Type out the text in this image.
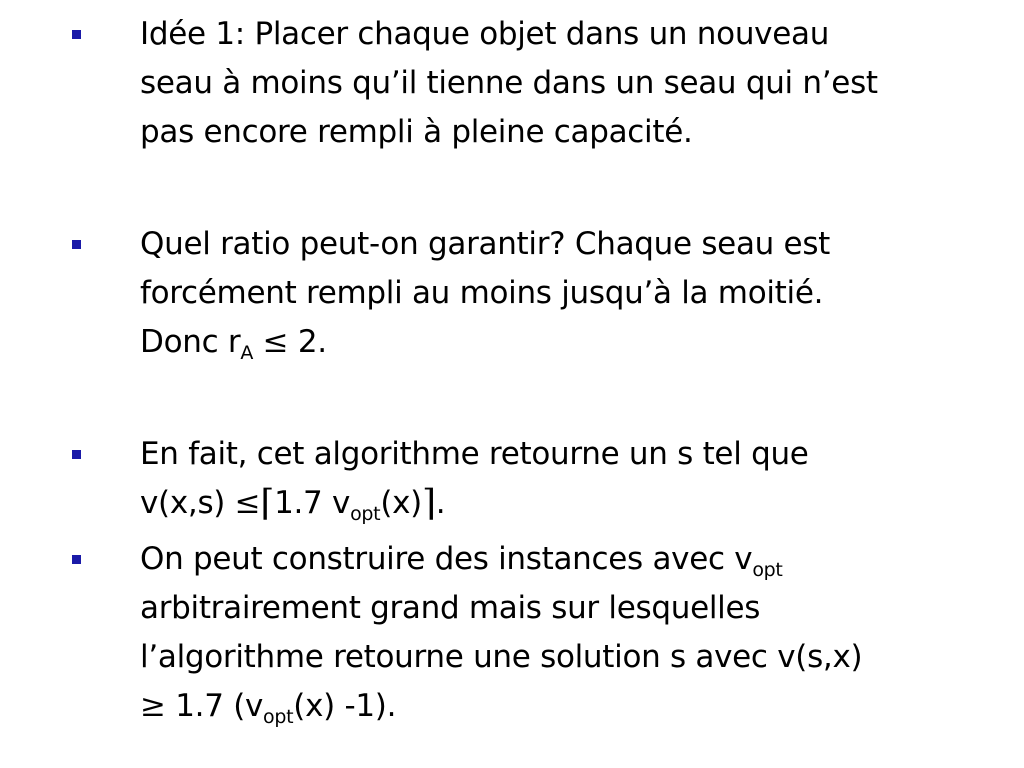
Idée 1: Placer chaque objet dans un nouveau
seau à moins qu’il tienne dans un seau qui n’est
pas encore rempli à pleine capacité.
Quel ratio peut-on garantir? Chaque seau est
forcément rempli au moins jusqu’à la moitié.
Donc $r_A \le 2$.
En fait, cet algorithme retourne un s tel que
v(x,s) ≤⌈1.7 $v_{opt}(x)⌉$.
On peut construire des instances avec $v_{opt}$
arbitrairement grand mais sur lesquelles
l’algorithme retourne une solution s avec v(s,x)
≥ 1.7 ($v_{opt}(x)$ -1).
